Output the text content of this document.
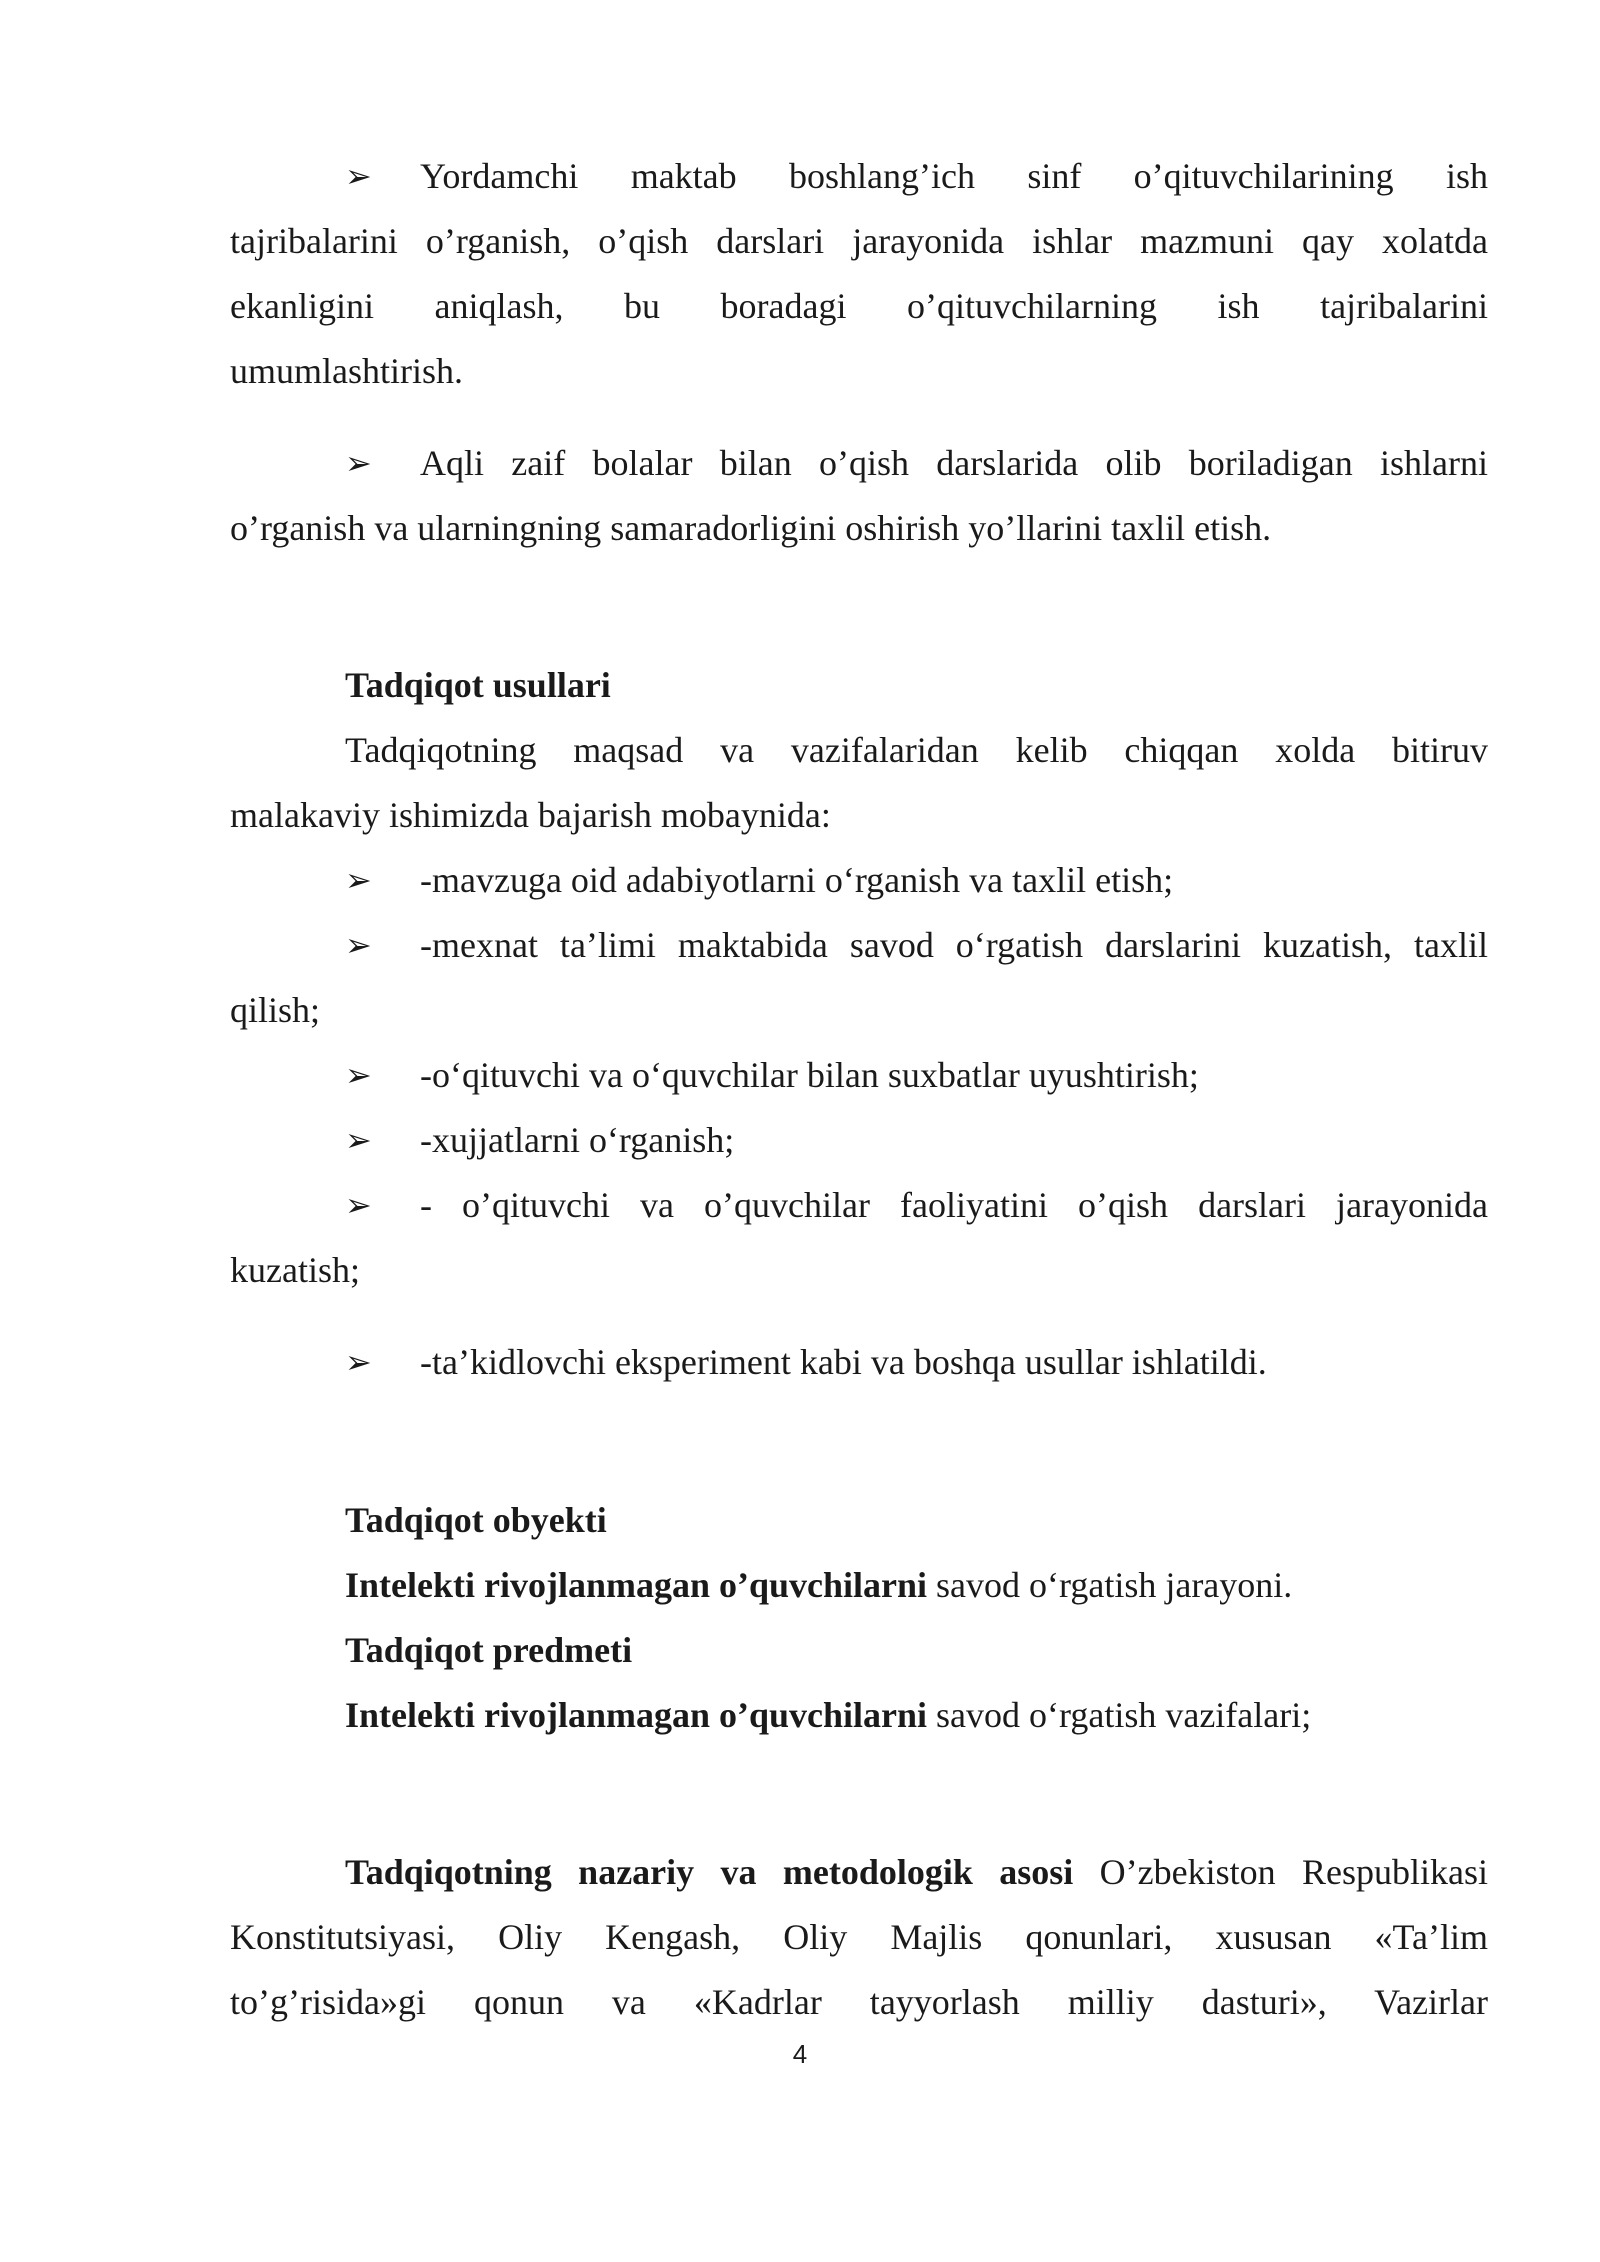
➢ Yordamchi maktab boshlang’ich sinf o’qituvchilarining ish
tajribalarini o’rganish, o’qish darslari jarayonida ishlar mazmuni qay xolatda
ekanligini aniqlash, bu boradagi o’qituvchilarning ish tajribalarini
umumlashtirish.
➢ Aqli zaif bolalar bilan o’qish darslarida olib boriladigan ishlarni
o’rganish va ularningning samaradorligini oshirish yo’llarini taxlil etish.
Tadqiqot usullari
Tadqiqotning maqsad va vazifalaridan kelib chiqqan xolda bitiruv
malakaviy ishimizda bajarish mobaynida:
➢ -mavzuga oid adabiyotlarni o‘rganish va taxlil etish;
➢ -mexnat ta’limi maktabida savod o‘rgatish darslarini kuzatish, taxlil
qilish;
➢ -o‘qituvchi va o‘quvchilar bilan suxbatlar uyushtirish;
➢ -xujjatlarni o‘rganish;
➢ - o’qituvchi va o’quvchilar faoliyatini o’qish darslari jarayonida
kuzatish;
➢ -ta’kidlovchi eksperiment kabi va boshqa usullar ishlatildi.
Tadqiqot obyekti
Intelekti rivojlanmagan o’quvchilarni savod o‘rgatish jarayoni.
Tadqiqot predmeti
Intelekti rivojlanmagan o’quvchilarni savod o‘rgatish vazifalari;
Tadqiqotning nazariy va metodologik asosi O’zbekiston Respublikasi
Konstitutsiyasi, Oliy Kengash, Oliy Majlis qonunlari, xususan «Ta’lim
to’g’risida»gi qonun va «Kadrlar tayyorlash milliy dasturi», Vazirlar
4
